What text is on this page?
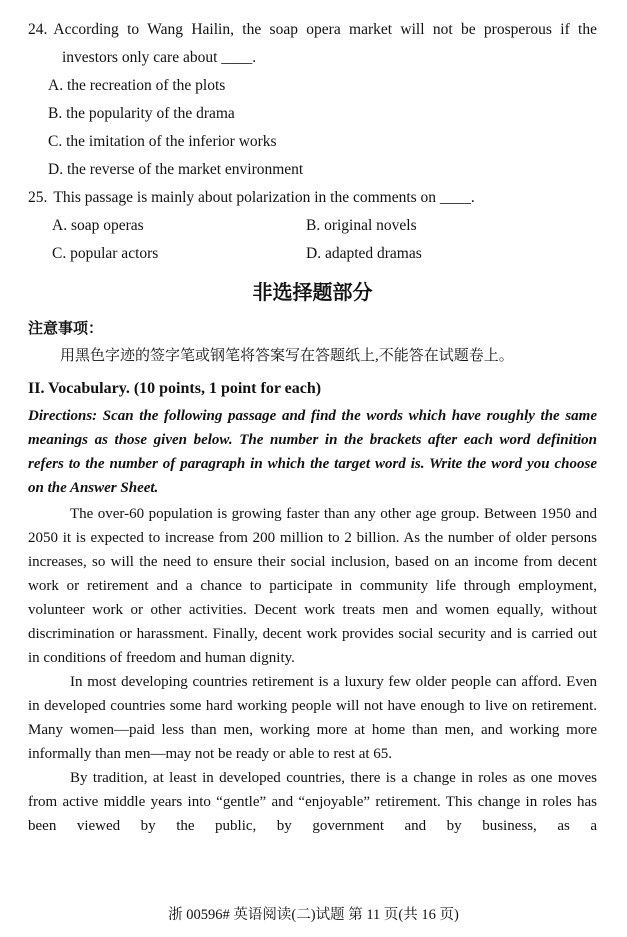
24. According to Wang Hailin, the soap opera market will not be prosperous if the investors only care about ____.

A. the recreation of the plots

B. the popularity of the drama

C. the imitation of the inferior works

D. the reverse of the market environment

25. This passage is mainly about polarization in the comments on ____.

A. soap operas	B. original novels

C. popular actors	D. adapted dramas

非选择题部分
注意事项：

用黑色字迹的签字笔或钢笔将答案写在答题纸上,不能答在试题卷上。

II. Vocabulary. (10 points, 1 point for each)

Directions: Scan the following passage and find the words which have roughly the same meanings as those given below. The number in the brackets after each word definition refers to the number of paragraph in which the target word is. Write the word you choose on the Answer Sheet.

The over-60 population is growing faster than any other age group. Between 1950 and 2050 it is expected to increase from 200 million to 2 billion. As the number of older persons increases, so will the need to ensure their social inclusion, based on an income from decent work or retirement and a chance to participate in community life through employment, volunteer work or other activities. Decent work treats men and women equally, without discrimination or harassment. Finally, decent work provides social security and is carried out in conditions of freedom and human dignity.

In most developing countries retirement is a luxury few older people can afford. Even in developed countries some hard working people will not have enough to live on retirement. Many women—paid less than men, working more at home than men, and working more informally than men—may not be ready or able to rest at 65.

By tradition, at least in developed countries, there is a change in roles as one moves from active middle years into “gentle” and “enjoyable” retirement. This change in roles has been viewed by the public, by government and by business, as a

浙 00596# 英语阅读(二)试题 第 11 页(共 16 页)
